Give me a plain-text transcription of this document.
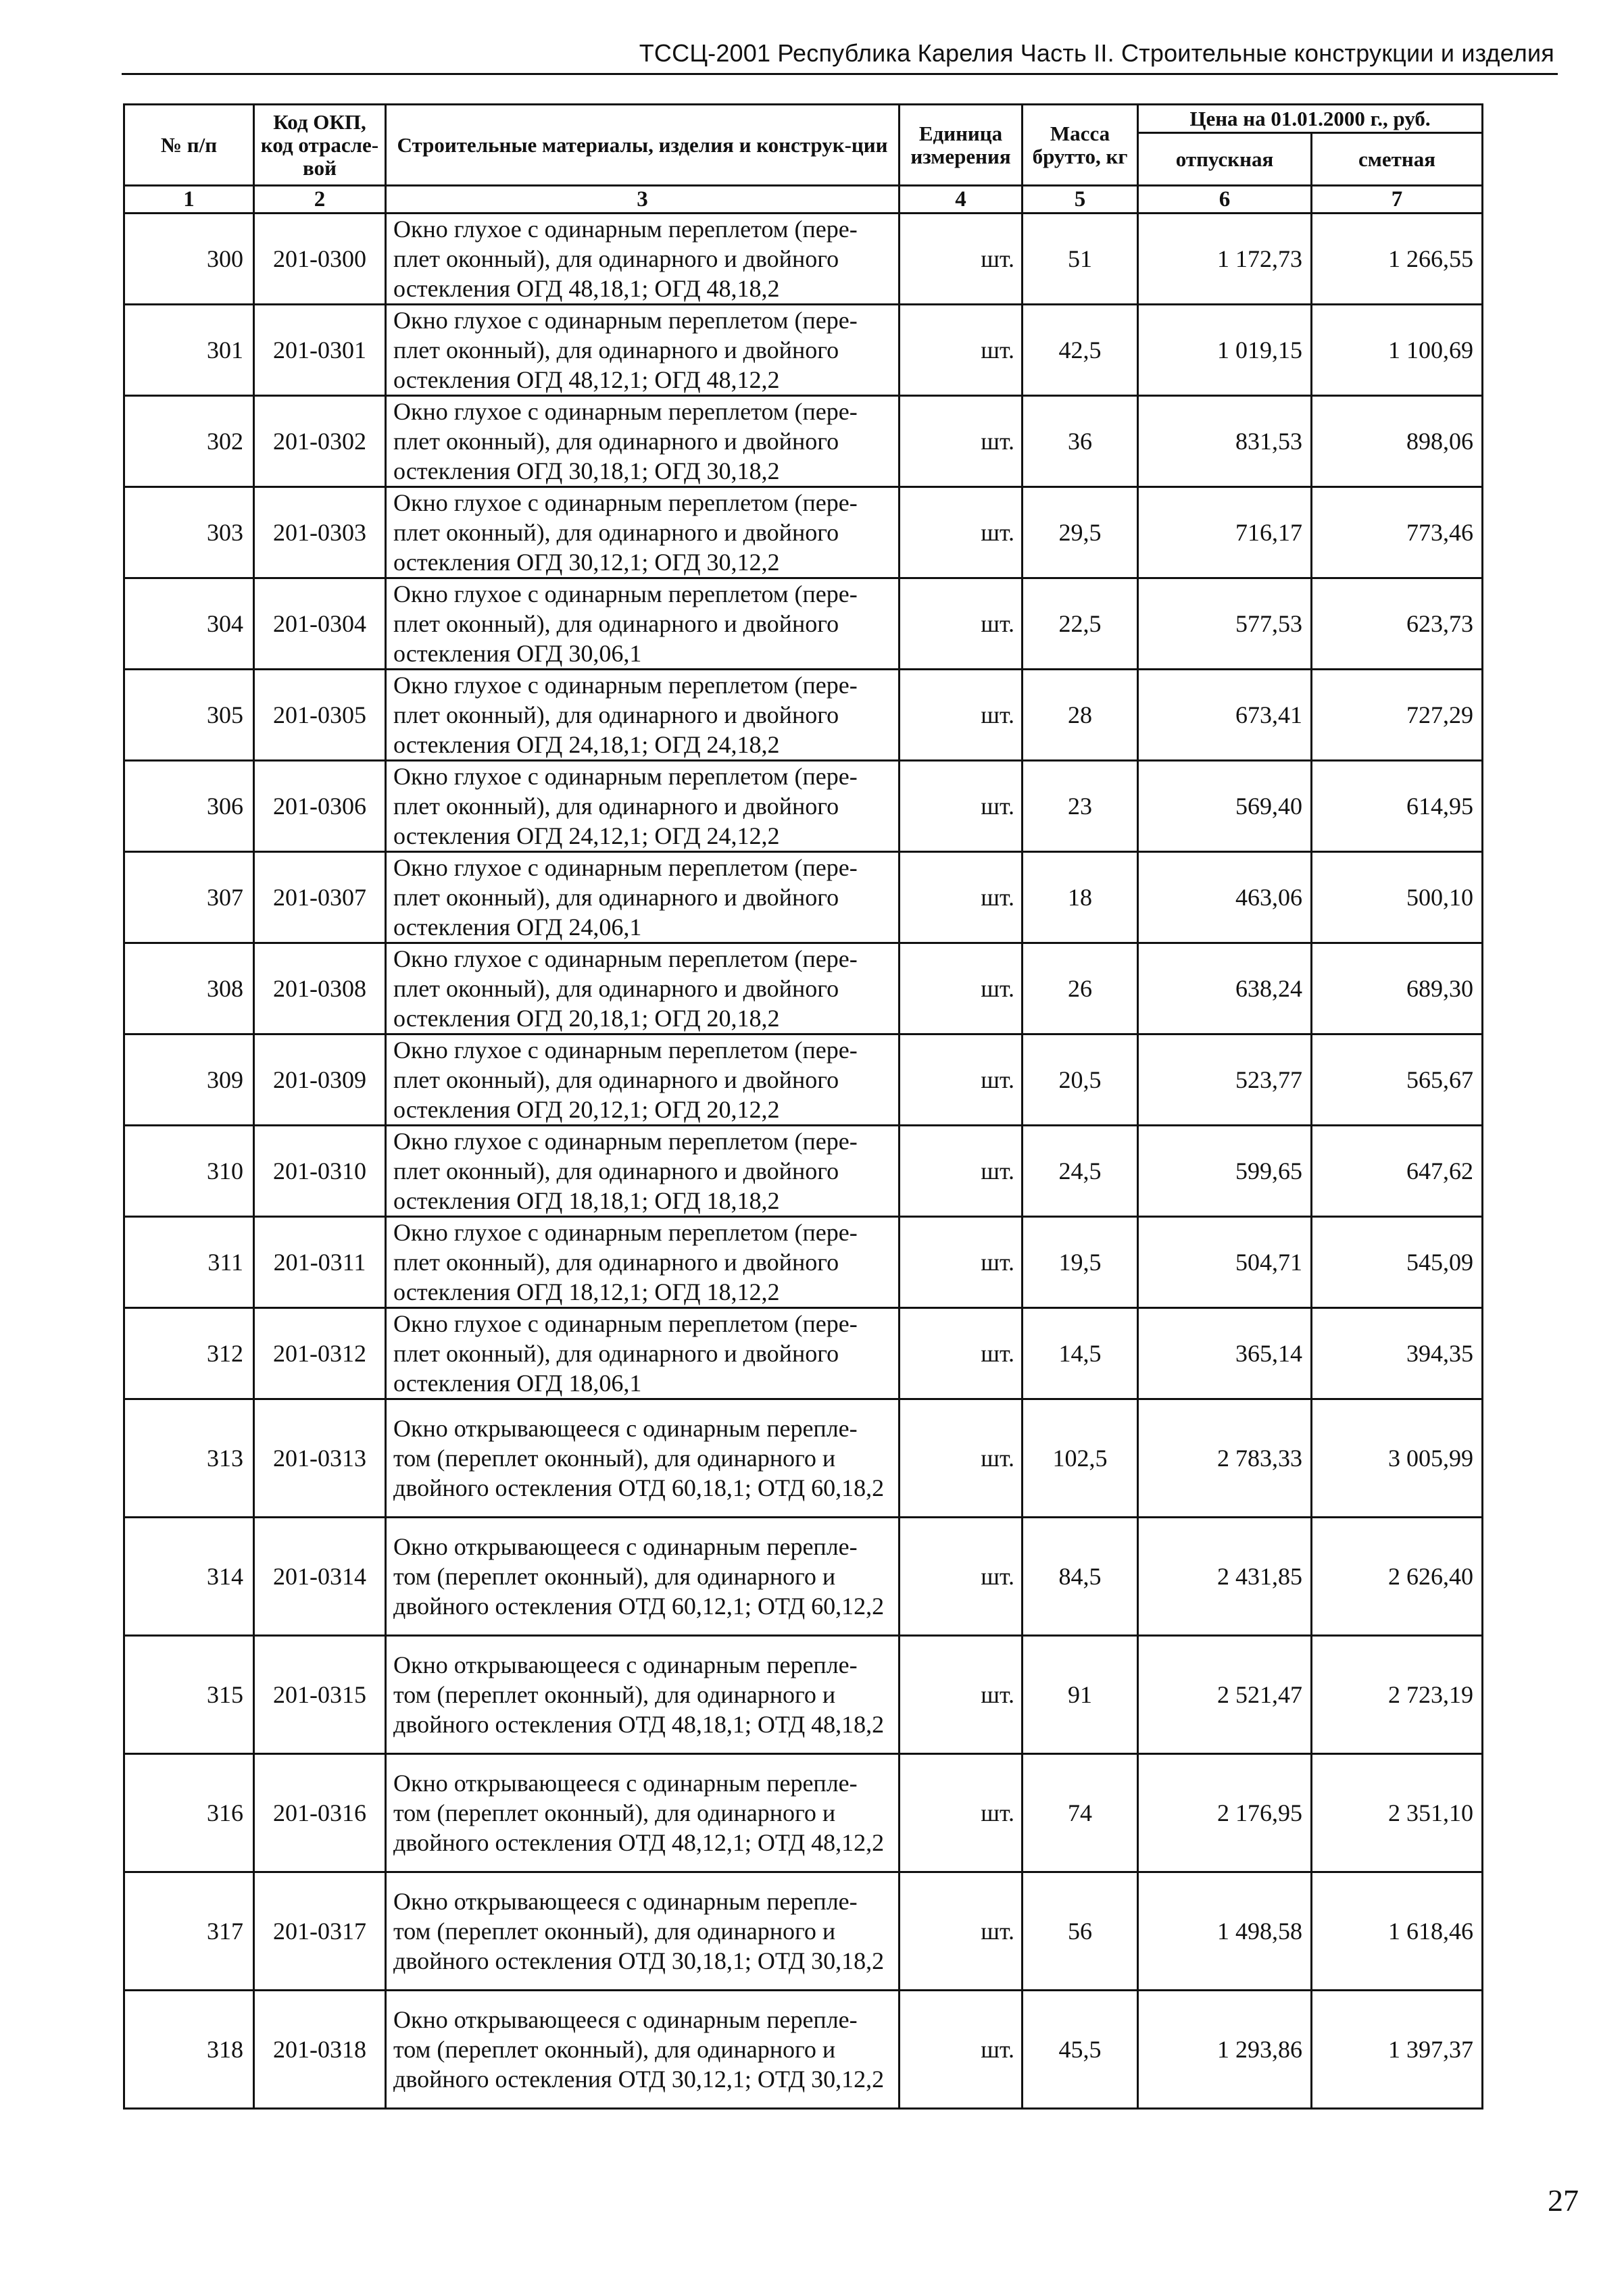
ТССЦ-2001 Республика Карелия Часть II. Строительные конструкции и изделия
№ п/п	Код ОКП, код отрасле-вой	Строительные материалы, изделия и конструк-ции	Единица измерения	Масса брутто, кг	Цена на 01.01.2000 г., руб.	
					отпускная	сметная
1	2	3	4	5	6	7
300	201-0300	Окно глухое с одинарным переплетом (пере-плет оконный), для одинарного и двойного остекления ОГД 48,18,1; ОГД 48,18,2	шт.	51	1 172,73	1 266,55
301	201-0301	Окно глухое с одинарным переплетом (пере-плет оконный), для одинарного и двойного остекления ОГД 48,12,1; ОГД 48,12,2	шт.	42,5	1 019,15	1 100,69
302	201-0302	Окно глухое с одинарным переплетом (пере-плет оконный), для одинарного и двойного остекления ОГД 30,18,1; ОГД 30,18,2	шт.	36	831,53	898,06
303	201-0303	Окно глухое с одинарным переплетом (пере-плет оконный), для одинарного и двойного остекления ОГД 30,12,1; ОГД 30,12,2	шт.	29,5	716,17	773,46
304	201-0304	Окно глухое с одинарным переплетом (пере-плет оконный), для одинарного и двойного остекления ОГД 30,06,1	шт.	22,5	577,53	623,73
305	201-0305	Окно глухое с одинарным переплетом (пере-плет оконный), для одинарного и двойного остекления ОГД 24,18,1; ОГД 24,18,2	шт.	28	673,41	727,29
306	201-0306	Окно глухое с одинарным переплетом (пере-плет оконный), для одинарного и двойного остекления ОГД 24,12,1; ОГД 24,12,2	шт.	23	569,40	614,95
307	201-0307	Окно глухое с одинарным переплетом (пере-плет оконный), для одинарного и двойного остекления ОГД 24,06,1	шт.	18	463,06	500,10
308	201-0308	Окно глухое с одинарным переплетом (пере-плет оконный), для одинарного и двойного остекления ОГД 20,18,1; ОГД 20,18,2	шт.	26	638,24	689,30
309	201-0309	Окно глухое с одинарным переплетом (пере-плет оконный), для одинарного и двойного остекления ОГД 20,12,1; ОГД 20,12,2	шт.	20,5	523,77	565,67
310	201-0310	Окно глухое с одинарным переплетом (пере-плет оконный), для одинарного и двойного остекления ОГД 18,18,1; ОГД 18,18,2	шт.	24,5	599,65	647,62
311	201-0311	Окно глухое с одинарным переплетом (пере-плет оконный), для одинарного и двойного остекления ОГД 18,12,1; ОГД 18,12,2	шт.	19,5	504,71	545,09
312	201-0312	Окно глухое с одинарным переплетом (пере-плет оконный), для одинарного и двойного остекления ОГД 18,06,1	шт.	14,5	365,14	394,35
313	201-0313	Окно открывающееся с одинарным перепле-том (переплет оконный), для одинарного и двойного остекления ОТД 60,18,1; ОТД 60,18,2	шт.	102,5	2 783,33	3 005,99
314	201-0314	Окно открывающееся с одинарным перепле-том (переплет оконный), для одинарного и двойного остекления ОТД 60,12,1; ОТД 60,12,2	шт.	84,5	2 431,85	2 626,40
315	201-0315	Окно открывающееся с одинарным перепле-том (переплет оконный), для одинарного и двойного остекления ОТД 48,18,1; ОТД 48,18,2	шт.	91	2 521,47	2 723,19
316	201-0316	Окно открывающееся с одинарным перепле-том (переплет оконный), для одинарного и двойного остекления ОТД 48,12,1; ОТД 48,12,2	шт.	74	2 176,95	2 351,10
317	201-0317	Окно открывающееся с одинарным перепле-том (переплет оконный), для одинарного и двойного остекления ОТД 30,18,1; ОТД 30,18,2	шт.	56	1 498,58	1 618,46
318	201-0318	Окно открывающееся с одинарным перепле-том (переплет оконный), для одинарного и двойного остекления ОТД 30,12,1; ОТД 30,12,2	шт.	45,5	1 293,86	1 397,37
27
